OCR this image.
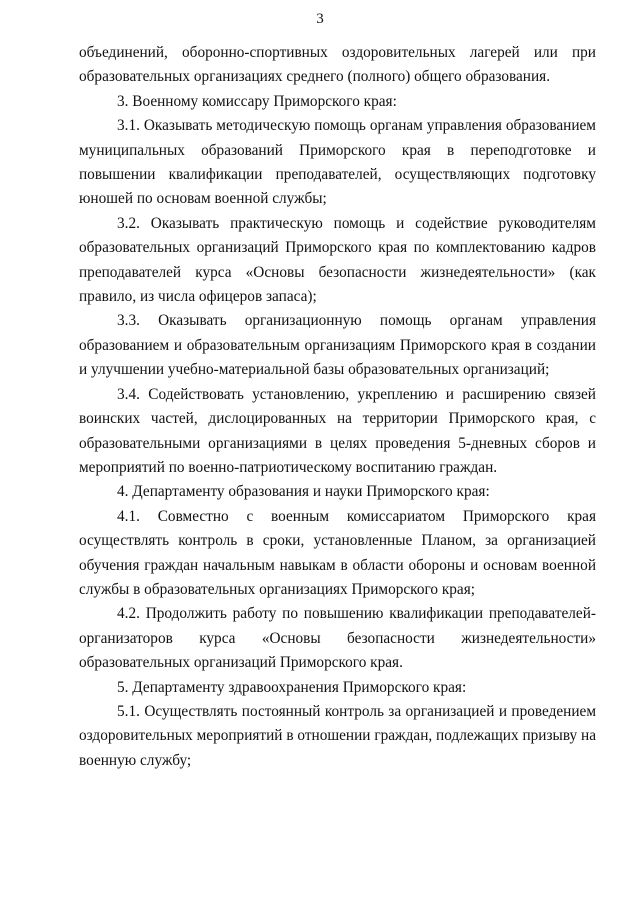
3

объединений, оборонно-спортивных оздоровительных лагерей или при образовательных организациях среднего (полного) общего образования.

3. Военному комиссару Приморского края:

3.1. Оказывать методическую помощь органам управления образованием муниципальных образований Приморского края в переподготовке и повышении квалификации преподавателей, осуществляющих подготовку юношей по основам военной службы;

3.2. Оказывать практическую помощь и содействие руководителям образовательных организаций Приморского края по комплектованию кадров преподавателей курса «Основы безопасности жизнедеятельности» (как правило, из числа офицеров запаса);

3.3. Оказывать организационную помощь органам управления образованием и образовательным организациям Приморского края в создании и улучшении учебно-материальной базы образовательных организаций;

3.4. Содействовать установлению, укреплению и расширению связей воинских частей, дислоцированных на территории Приморского края, с образовательными организациями в целях проведения 5-дневных сборов и мероприятий по военно-патриотическому воспитанию граждан.

4. Департаменту образования и науки Приморского края:

4.1. Совместно с военным комиссариатом Приморского края осуществлять контроль в сроки, установленные Планом, за организацией обучения граждан начальным навыкам в области обороны и основам военной службы в образовательных организациях Приморского края;

4.2. Продолжить работу по повышению квалификации преподавателей-организаторов курса «Основы безопасности жизнедеятельности» образовательных организаций Приморского края.

5. Департаменту здравоохранения Приморского края:

5.1. Осуществлять постоянный контроль за организацией и проведением оздоровительных мероприятий в отношении граждан, подлежащих призыву на военную службу;
